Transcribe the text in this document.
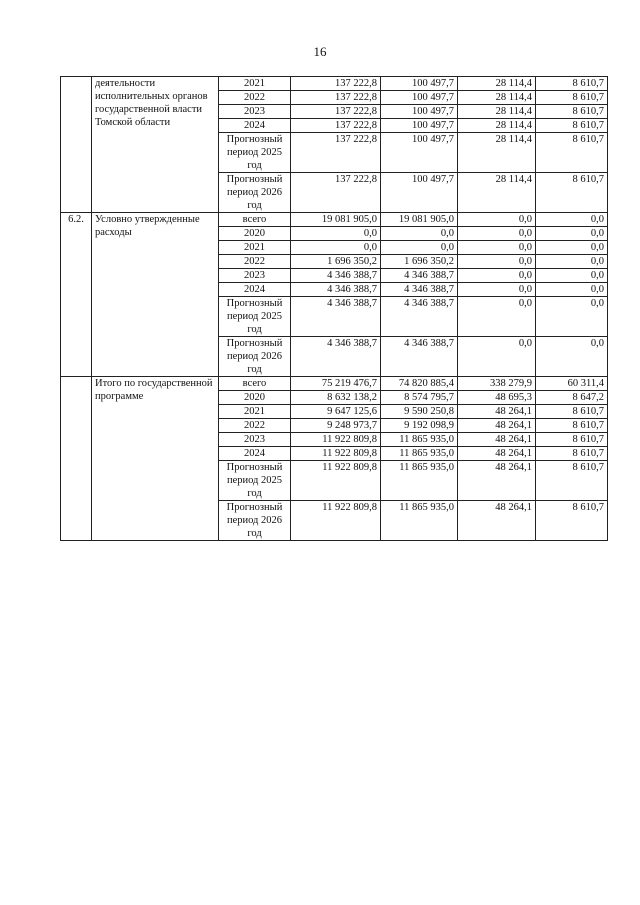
16
	деятельности исполнительных органов государственной власти Томской области	2021	137 222,8	100 497,7	28 114,4	8 610,7
		2022	137 222,8	100 497,7	28 114,4	8 610,7
		2023	137 222,8	100 497,7	28 114,4	8 610,7
		2024	137 222,8	100 497,7	28 114,4	8 610,7
		Прогнозный период 2025 год	137 222,8	100 497,7	28 114,4	8 610,7
		Прогнозный период 2026 год	137 222,8	100 497,7	28 114,4	8 610,7
6.2.	Условно утвержденные расходы	всего	19 081 905,0	19 081 905,0	0,0	0,0
		2020	0,0	0,0	0,0	0,0
		2021	0,0	0,0	0,0	0,0
		2022	1 696 350,2	1 696 350,2	0,0	0,0
		2023	4 346 388,7	4 346 388,7	0,0	0,0
		2024	4 346 388,7	4 346 388,7	0,0	0,0
		Прогнозный период 2025 год	4 346 388,7	4 346 388,7	0,0	0,0
		Прогнозный период 2026 год	4 346 388,7	4 346 388,7	0,0	0,0
	Итого по государственной программе	всего	75 219 476,7	74 820 885,4	338 279,9	60 311,4
		2020	8 632 138,2	8 574 795,7	48 695,3	8 647,2
		2021	9 647 125,6	9 590 250,8	48 264,1	8 610,7
		2022	9 248 973,7	9 192 098,9	48 264,1	8 610,7
		2023	11 922 809,8	11 865 935,0	48 264,1	8 610,7
		2024	11 922 809,8	11 865 935,0	48 264,1	8 610,7
		Прогнозный период 2025 год	11 922 809,8	11 865 935,0	48 264,1	8 610,7
		Прогнозный период 2026 год	11 922 809,8	11 865 935,0	48 264,1	8 610,7
